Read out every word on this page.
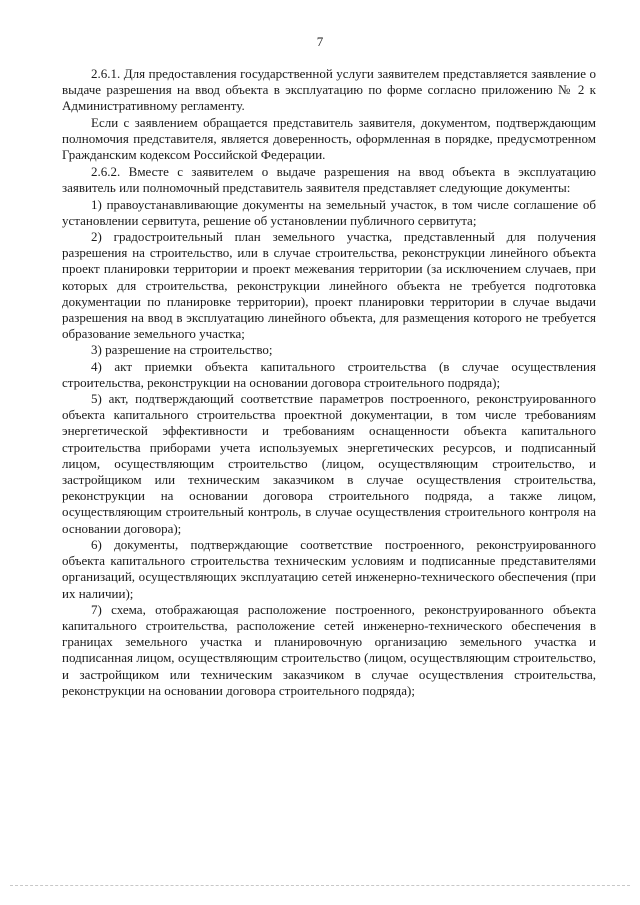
7

2.6.1. Для предоставления государственной услуги заявителем представляется заявление о выдаче разрешения на ввод объекта в эксплуатацию по форме согласно приложению № 2 к Административному регламенту.

Если с заявлением обращается представитель заявителя, документом, подтверждающим полномочия представителя, является доверенность, оформленная в порядке, предусмотренном Гражданским кодексом Российской Федерации.

2.6.2. Вместе с заявителем о выдаче разрешения на ввод объекта в эксплуатацию заявитель или полномочный представитель заявителя представляет следующие документы:

1) правоустанавливающие документы на земельный участок, в том числе соглашение об установлении сервитута, решение об установлении публичного сервитута;

2) градостроительный план земельного участка, представленный для получения разрешения на строительство, или в случае строительства, реконструкции линейного объекта проект планировки территории и проект межевания территории (за исключением случаев, при которых для строительства, реконструкции линейного объекта не требуется подготовка документации по планировке территории), проект планировки территории в случае выдачи разрешения на ввод в эксплуатацию линейного объекта, для размещения которого не требуется образование земельного участка;

3) разрешение на строительство;

4) акт приемки объекта капитального строительства (в случае осуществления строительства, реконструкции на основании договора строительного подряда);

5) акт, подтверждающий соответствие параметров построенного, реконструированного объекта капитального строительства проектной документации, в том числе требованиям энергетической эффективности и требованиям оснащенности объекта капитального строительства приборами учета используемых энергетических ресурсов, и подписанный лицом, осуществляющим строительство (лицом, осуществляющим строительство, и застройщиком или техническим заказчиком в случае осуществления строительства, реконструкции на основании договора строительного подряда, а также лицом, осуществляющим строительный контроль, в случае осуществления строительного контроля на основании договора);

6) документы, подтверждающие соответствие построенного, реконструированного объекта капитального строительства техническим условиям и подписанные представителями организаций, осуществляющих эксплуатацию сетей инженерно-технического обеспечения (при их наличии);

7) схема, отображающая расположение построенного, реконструированного объекта капитального строительства, расположение сетей инженерно-технического обеспечения в границах земельного участка и планировочную организацию земельного участка и подписанная лицом, осуществляющим строительство (лицом, осуществляющим строительство, и застройщиком или техническим заказчиком в случае осуществления строительства, реконструкции на основании договора строительного подряда);
